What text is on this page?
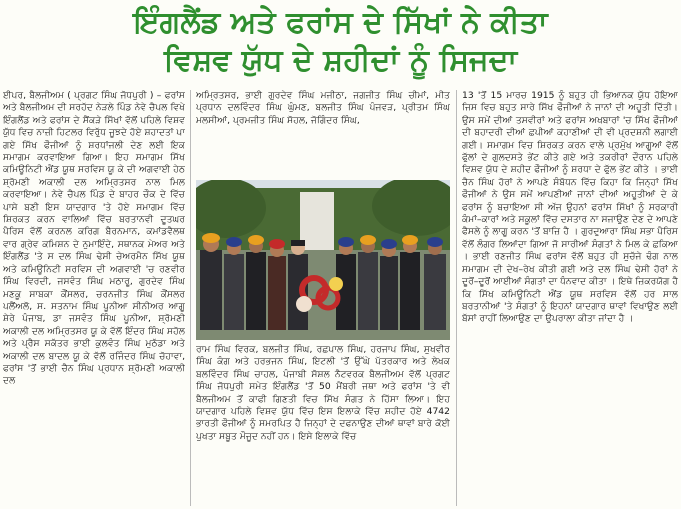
ਇੰਗਲੈਂਡ ਅਤੇ ਫਰਾਂਸ ਦੇ ਸਿੱਖਾਂ ਨੇ ਕੀਤਾ
ਵਿਸ਼ਵ ਯੁੱਧ ਦੇ ਸ਼ਹੀਦਾਂ ਨੂੰ ਸਿਜਦਾ

ਈਪਰ, ਬੈਲਜੀਅਮ ( ਪ੍ਰਗਟ ਸਿੰਘ ਜੋਧਪੁਰੀ ) – ਫਰਾਂਸ ਅਤੇ ਬੈਲਜੀਅਮ ਦੀ ਸਰਹੱਦ ਨੇੜਲੇ ਪਿੰਡ ਨੇਵੇ ਚੈਪਲ ਵਿਖੇ ਇੰਗਲੈਂਡ ਅਤੇ ਫਰਾਂਸ ਦੇ ਸੈਂਕੜੇ ਸਿੱਖਾਂ ਵੱਲੋਂ ਪਹਿਲੇ ਵਿਸ਼ਵ ਯੁੱਧ ਵਿਚ ਨਾਜ਼ੀ ਹਿਟਲਰ ਵਿਰੁੱਧ ਜੂਝਦੇ ਹੋਏ ਸ਼ਹਾਦਤਾਂ ਪਾ ਗਏ ਸਿੱਖ ਫੌਜੀਆਂ ਨੂੰ ਸ਼ਰਧਾਂਜਲੀ ਦੇਣ ਲਈ ਇਕ ਸਮਾਗਮ ਕਰਵਾਇਆ ਗਿਆ। ਇਹ ਸਮਾਗਮ ਸਿੱਖ ਕਮਿਊਨਿਟੀ ਐਂਡ ਯੂਥ ਸਰਵਿਸ ਯੂ ਕੇ ਦੀ ਅਗਵਾਈ ਹੇਠ ਸ਼੍ਰੋਮਣੀ ਅਕਾਲੀ ਦਲ ਅਮ੍ਰਿਤਸਰ ਨਾਲ ਮਿਲ ਕਰਵਾਇਆ। ਨੇਵੇ ਚੈਪਲ ਪਿੰਡ ਦੇ ਬਾਹਰ ਚੌਕ ਦੇ ਵਿੱਚ ਪਾਸੇ ਬਣੀ ਇਸ ਯਾਦਗਾਰ 'ਤੇ ਹੋਏ ਸਮਾਗਮ ਵਿੱਚ ਸ਼ਿਰਕਤ ਕਰਨ ਵਾਲਿਆਂ ਵਿੱਚ ਬਰਤਾਨਵੀ ਦੂਤਘਰ ਪੈਰਿਸ ਵੱਲੋਂ ਕਰਨਲ ਕਰਿਗ ਬੈਰਨਮਾਨ, ਕਮਾਂਡਵੈਲਥ ਵਾਰ ਗ੍ਰੇਵ ਕਮਿਸ਼ਨ ਦੇ ਨੁਮਾਇੰਦੇ, ਸਥਾਨਕ ਮੇਅਰ ਅਤੇ ਇੰਗਲੈਂਡ 'ਤੇ ਸ ਦਲ ਸਿੰਘ ਢੇਸੀ ਚੇਅਰਮੈਨ ਸਿੱਖ ਯੂਥ ਅਤੇ ਕਮਿਊਨਿਟੀ ਸਰਵਿਸ ਦੀ ਅਗਵਾਈ 'ਚ ਰਣਵੀਰ ਸਿੰਘ ਵਿਰਦੀ, ਜਸਵੰਤ ਸਿੰਘ ਮਠਾਰੂ, ਗੁਰਦੇਵ ਸਿੰਘ ਮਣਕੂ ਸਾਬਕਾ ਕੌਂਸਲਰ, ਚਰਨਜੀਤ ਸਿੰਘ ਕੌਂਸਲਰ ਪਲੈਂਅਲੋ, ਸ. ਸਤਨਾਮ ਸਿੰਘ ਪੂਨੀਆ ਸੀਨੀਅਰ ਆਗੂ ਸ਼ੇਰੇ ਪੰਜਾਬ, ਡਾ ਜਸਵੰਤ ਸਿੰਘ ਪੂਨੀਆ, ਸ਼੍ਰੋਮਣੀ ਅਕਾਲੀ ਦਲ ਅਮ੍ਰਿਤਸਰ ਯੂ ਕੇ ਵੱਲੋਂ ਇੰਦਰ ਸਿੰਘ ਸਹੋਲ ਅਤੇ ਪ੍ਰੈਸ ਸਕੱਤਰ ਭਾਈ ਕੁਲਵੰਤ ਸਿੰਘ ਮੁਠੱਡਾ ਅਤੇ ਅਕਾਲੀ ਦਲ ਬਾਦਲ ਯੂ ਕੇ ਵੱਲੋਂ ਰਜਿੰਦਰ ਸਿੰਘ ਚੋਹਾਵਾ, ਫਰਾਂਸ 'ਤੋਂ ਭਾਈ ਚੈਨ ਸਿੰਘ ਪ੍ਰਧਾਨ ਸ਼੍ਰੋਮਣੀ ਅਕਾਲੀ ਦਲ

ਅਮ੍ਰਿਤਸਰ, ਭਾਈ ਗੁਰਦੇਵ ਸਿੰਘ ਮਜੀਠਾ, ਜਗਜੀਤ ਸਿੰਘ ਚੀਮਾਂ, ਮੀਤ ਪ੍ਰਧਾਨ ਦਲਵਿੰਦਰ ਸਿੰਘ ਘੁੰਮਣ, ਬਲਜੀਤ ਸਿੰਘ ਪੰਜਵੜ, ਪ੍ਰੀਤਮ ਸਿੰਘ ਮਲਸੀਆਂ, ਪ੍ਰਮਜੀਤ ਸਿੰਘ ਸੋਹਲ, ਜੋਗਿੰਦਰ ਸਿੰਘ,

ਰਾਮ ਸਿੰਘ ਵਿਰਕ, ਬਲਜੀਤ ਸਿੰਘ, ਰਛਪਾਲ ਸਿੰਘ, ਹਰਜਾਪ ਸਿੰਘ, ਸੁਖਵੀਰ ਸਿੰਘ ਕੰਗ ਅਤੇ ਹਰਭਜਨ ਸਿੰਘ, ਇਟਲੀ 'ਤੋਂ ਉੱਘੇ ਪੱਤਰਕਾਰ ਅਤੇ ਲੇਖਕ ਬਲਵਿੰਦਰ ਸਿੰਘ ਚਾਹਲ, ਪੰਜਾਬੀ ਸੋਸ਼ਲ ਨੈਟਵਰਕ ਬੈਲਜੀਅਮ ਵੱਲੋਂ ਪ੍ਰਗਟ ਸਿੰਘ ਜੋਧਪੁਰੀ ਸਮੇਤ ਇੰਗਲੈਂਡ 'ਤੋਂ 50 ਮੈਂਬਰੀ ਜਥਾ ਅਤੇ ਫਰਾਂਸ 'ਤੇ ਵੀ ਬੈਲਜੀਅਮ ਤੋਂ ਕਾਫੀ ਗਿਣਤੀ ਵਿਚ ਸਿੱਖ ਸੰਗਤ ਨੇ ਹਿੱਸਾ ਲਿਆ। ਇਹ ਯਾਦਗਾਰ ਪਹਿਲੇ ਵਿਸ਼ਵ ਯੁੱਧ ਵਿੱਚ ਇਸ ਇਲਾਕੇ ਵਿੱਚ ਸ਼ਹੀਦ ਹੋਏ 4742 ਭਾਰਤੀ ਫੌਜੀਆਂ ਨੂੰ ਸਮਰਪਿਤ ਹੈ ਜਿਨ੍ਹਾਂ ਦੇ ਦਫਨਾਉਣ ਦੀਆਂ ਥਾਵਾਂ ਬਾਰੇ ਕੋਈ ਪੁਖਤਾ ਸਬੂਤ ਮੌਜੂਦ ਨਹੀਂ ਹਨ। ਇਸੇ ਇਲਾਕੇ ਵਿੱਚ

13 'ਤੋਂ 15 ਮਾਰਚ 1915 ਨੂੰ ਬਹੁਤ ਹੀ ਭਿਆਨਕ ਯੁੱਧ ਹੋਇਆ ਜਿਸ ਵਿਚ ਬਹੁਤ ਸਾਰੇ ਸਿੱਖ ਫੌਜੀਆਂ ਨੇ ਜਾਨਾਂ ਦੀ ਅਹੂਤੀ ਦਿੱਤੀ। ਉਸ ਸਮੇਂ ਦੀਆਂ ਤਸਵੀਰਾਂ ਅਤੇ ਫਰਾਂਸ ਅਖਬਾਰਾਂ 'ਚ ਸਿੱਖ ਫੌਜੀਆਂ ਦੀ ਬਹਾਦਰੀ ਦੀਆਂ ਛਪੀਆਂ ਕਹਾਣੀਆਂ ਦੀ ਵੀ ਪ੍ਰਦਸ਼ਨੀ ਲਗਾਈ ਗਈ। ਸਮਾਗਮ ਵਿਚ ਸ਼ਿਰਕਤ ਕਰਨ ਵਾਲੇ ਪ੍ਰਮੁੱਖ ਆਗੂਆਂ ਵੱਲੋਂ ਫੁੱਲਾਂ ਦੇ ਗੁਲਦਸਤੇ ਭੇਂਟ ਕੀਤੇ ਗਏ ਅਤੇ ਤਕਰੀਰਾਂ ਦੌਰਾਨ ਪਹਿਲੇ ਵਿਸ਼ਵ ਯੁੱਧ ਦੇ ਸ਼ਹੀਦ ਫੌਜੀਆਂ ਨੂੰ ਸ਼ਰਧਾ ਦੇ ਫੁੱਲ ਭੇਂਟ ਕੀਤੇ । ਭਾਈ ਚੈਨ ਸਿੰਘ ਹੋਰਾਂ ਨੇ ਆਪਣੇ ਸੰਬੋਧਨ ਵਿੱਚ ਕਿਹਾ ਕਿ ਜਿਨ੍ਹਾਂ ਸਿੱਖ ਫੌਜੀਆਂ ਨੇ ਉਸ ਸਮੇਂ ਆਪਣੀਆਂ ਜਾਨਾਂ ਦੀਆਂ ਅਹੂਤੀਆਂ ਦੇ ਕੇ ਫਰਾਂਸ ਨੂੰ ਬਚਾਇਆ ਸੀ ਅੱਜ ਉਹਨਾਂ ਫਰਾਂਸ ਸਿੱਖਾਂ ਨੂੰ ਸਰਕਾਰੀ ਕੰਮਾਂ–ਕਾਰਾਂ ਅਤੇ ਸਕੂਲਾਂ ਵਿੱਚ ਦਸਤਾਰ ਨਾ ਸਜਾਉਣ ਦੇਣ ਦੇ ਆਪਣੇ ਫੈਸਲੇ ਨੂੰ ਲਾਗੂ ਕਰਨ 'ਤੋਂ ਬਾਜ਼ਿ ਹੈ । ਗੁਰਦੁਆਰਾ ਸਿੰਘ ਸਭਾ ਪੈਰਿਸ ਵੱਲੋਂ ਲੰਗਰ ਲਿਆਂਦਾ ਗਿਆ ਜੋ ਸਾਰੀਆਂ ਸੰਗਤਾਂ ਨੇ ਮਿਲ ਕੇ ਛਕਿਆ । ਭਾਈ ਰਣਜੀਤ ਸਿੰਘ ਫਰਾਂਸ ਵੱਲੋਂ ਬਹੁਤ ਹੀ ਸੁਚੱਜੇ ਢੰਗ ਨਾਲ ਸਮਾਗਮ ਦੀ ਦੇਖ–ਰੇਖ ਕੀਤੀ ਗਈ ਅਤੇ ਦਲ ਸਿੰਘ ਢੇਸੀ ਹੋਰਾਂ ਨੇ ਦੂਰੋਂ–ਦੂਰੋਂ ਆਈਆਂ ਸੰਗਤਾਂ ਦਾ ਧੰਨਵਾਦ ਕੀਤਾ । ਇਥੇ ਜ਼ਿਕਰਯੋਗ ਹੈ ਕਿ ਸਿੱਖ ਕਮਿਊਨਿਟੀ ਐਂਡ ਯੂਥ ਸਰਵਿਸ ਵੱਲੋਂ ਹਰ ਸਾਲ ਬਰਤਾਨੀਆਂ 'ਤੇ ਸੰਗਤਾਂ ਨੂੰ ਇਹਨਾਂ ਯਾਦਗਾਰ ਥਾਵਾਂ ਵਿਖਾਉਣ ਲਈ ਬੱਸਾਂ ਰਾਹੀਂ ਲਿਆਉਣ ਦਾ ਉਪਰਾਲਾ ਕੀਤਾ ਜਾਂਦਾ ਹੈ ।
